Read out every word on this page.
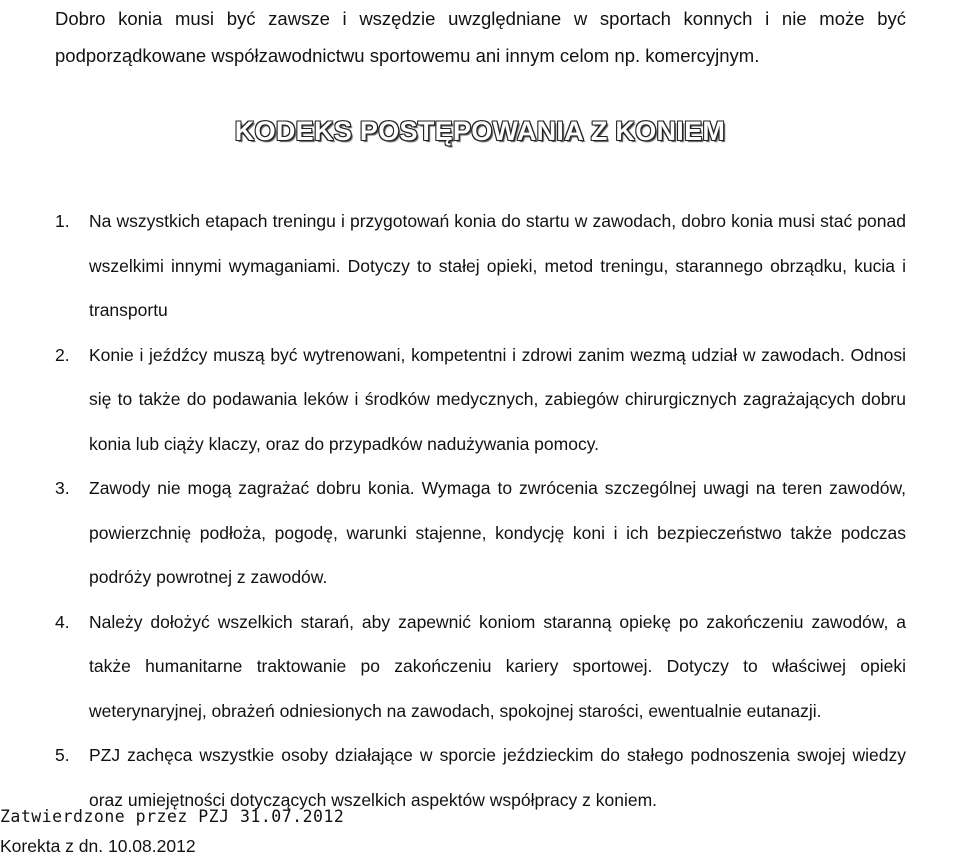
Dobro konia musi być zawsze i wszędzie uwzględniane w sportach konnych i nie może być podporządkowane współzawodnictwu sportowemu ani innym celom np. komercyjnym.

KODEKS POSTĘPOWANIA Z KONIEM
1. Na wszystkich etapach treningu i przygotowań konia do startu w zawodach, dobro konia musi stać ponad wszelkimi innymi wymaganiami. Dotyczy to stałej opieki, metod treningu, starannego obrządku, kucia i transportu
2. Konie i jeźdźcy muszą być wytrenowani, kompetentni i zdrowi zanim wezmą udział w zawodach. Odnosi się to także do podawania leków i środków medycznych, zabiegów chirurgicznych zagrażających dobru konia lub ciąży klaczy, oraz do przypadków nadużywania pomocy.
3. Zawody nie mogą zagrażać dobru konia. Wymaga to zwrócenia szczególnej uwagi na teren zawodów, powierzchnię podłoża, pogodę, warunki stajenne, kondycję koni i ich bezpieczeństwo także podczas podróży powrotnej z zawodów.
4. Należy dołożyć wszelkich starań, aby zapewnić koniom staranną opiekę po zakończeniu zawodów, a także humanitarne traktowanie po zakończeniu kariery sportowej. Dotyczy to właściwej opieki weterynaryjnej, obrażeń odniesionych na zawodach, spokojnej starości, ewentualnie eutanazji.
5. PZJ zachęca wszystkie osoby działające w sporcie jeździeckim do stałego podnoszenia swojej wiedzy oraz umiejętności dotyczących wszelkich aspektów współpracy z koniem.

Zatwierdzone przez PZJ 31.07.2012

Korekta z dn. 10.08.2012
